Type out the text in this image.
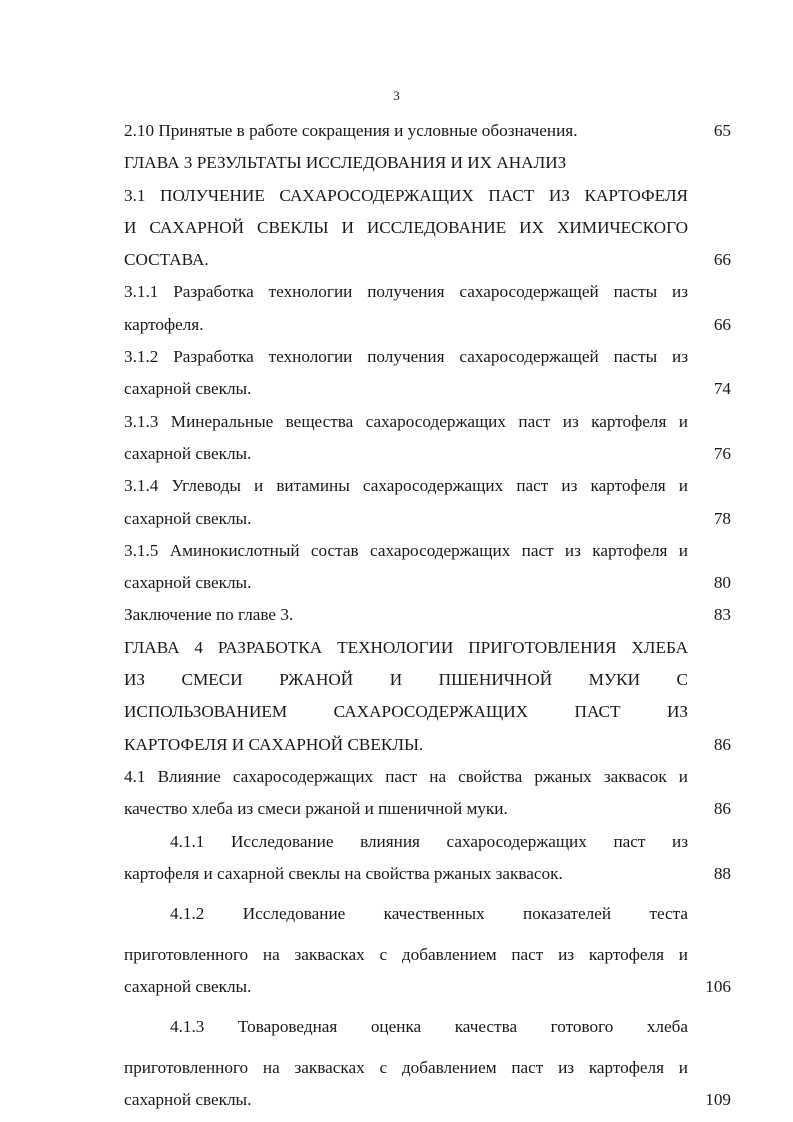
3
2.10 Принятые в работе сокращения и условные обозначения.	65
ГЛАВА 3 РЕЗУЛЬТАТЫ ИССЛЕДОВАНИЯ И ИХ АНАЛИЗ
3.1 ПОЛУЧЕНИЕ САХАРОСОДЕРЖАЩИХ ПАСТ ИЗ КАРТОФЕЛЯ
И САХАРНОЙ СВЕКЛЫ И ИССЛЕДОВАНИЕ ИХ ХИМИЧЕСКОГО
СОСТАВА.	66
3.1.1 Разработка технологии получения сахаросодержащей пасты из
картофеля.	66
3.1.2 Разработка технологии получения сахаросодержащей пасты из
сахарной свеклы.	74
3.1.3 Минеральные вещества сахаросодержащих паст из картофеля и
сахарной свеклы.	76
3.1.4 Углеводы и витамины сахаросодержащих паст из картофеля и
сахарной свеклы.	78
3.1.5 Аминокислотный состав сахаросодержащих паст из картофеля и
сахарной свеклы.	80
Заключение по главе 3.	83
ГЛАВА 4 РАЗРАБОТКА ТЕХНОЛОГИИ ПРИГОТОВЛЕНИЯ ХЛЕБА
ИЗ СМЕСИ РЖАНОЙ И ПШЕНИЧНОЙ МУКИ С
ИСПОЛЬЗОВАНИЕМ САХАРОСОДЕРЖАЩИХ ПАСТ ИЗ
КАРТОФЕЛЯ И САХАРНОЙ СВЕКЛЫ.	86
4.1 Влияние сахаросодержащих паст на свойства ржаных заквасок и
качество хлеба из смеси ржаной и пшеничной муки.	86
4.1.1 Исследование влияния сахаросодержащих паст из
картофеля и сахарной свеклы на свойства ржаных заквасок.	88
4.1.2 Исследование качественных показателей теста
приготовленного на заквасках с добавлением паст из картофеля и
сахарной свеклы.	106
4.1.3 Товароведная оценка качества готового хлеба
приготовленного на заквасках с добавлением паст из картофеля и
сахарной свеклы.	109
